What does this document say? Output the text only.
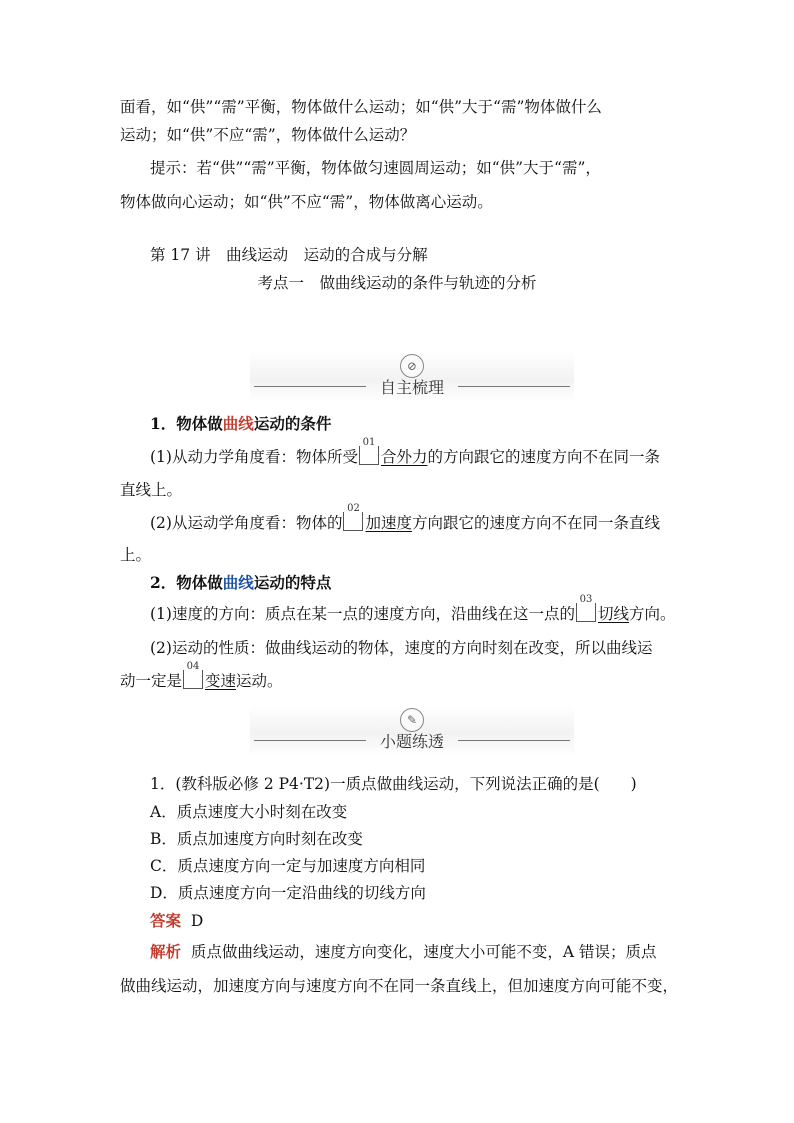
面看，如“供”“需”平衡，物体做什么运动；如“供”大于“需”物体做什么
运动；如“供”不应“需”，物体做什么运动？
提示：若“供”“需”平衡，物体做匀速圆周运动；如“供”大于“需”，
物体做向心运动；如“供”不应“需”，物体做离心运动。
第 17 讲　曲线运动　运动的合成与分解
考点一　做曲线运动的条件与轨迹的分析
⊘
自主梳理
1．物体做曲线运动的条件
(1)从动力学角度看：物体所受
01
合外力的方向跟它的速度方向不在同一条
直线上。
(2)从运动学角度看：物体的
02
加速度方向跟它的速度方向不在同一条直线
上。
2．物体做曲线运动的特点
(1)速度的方向：质点在某一点的速度方向，沿曲线在这一点的
03
切线方向。
(2)运动的性质：做曲线运动的物体，速度的方向时刻在改变，所以曲线运
动一定是
04
变速运动。
✎
小题练透
1．(教科版必修 2 P4·T2)一质点做曲线运动，下列说法正确的是(　　)
A．质点速度大小时刻在改变
B．质点加速度方向时刻在改变
C．质点速度方向一定与加速度方向相同
D．质点速度方向一定沿曲线的切线方向
答案 D
解析 质点做曲线运动，速度方向变化，速度大小可能不变，A 错误；质点
做曲线运动，加速度方向与速度方向不在同一条直线上，但加速度方向可能不变，
